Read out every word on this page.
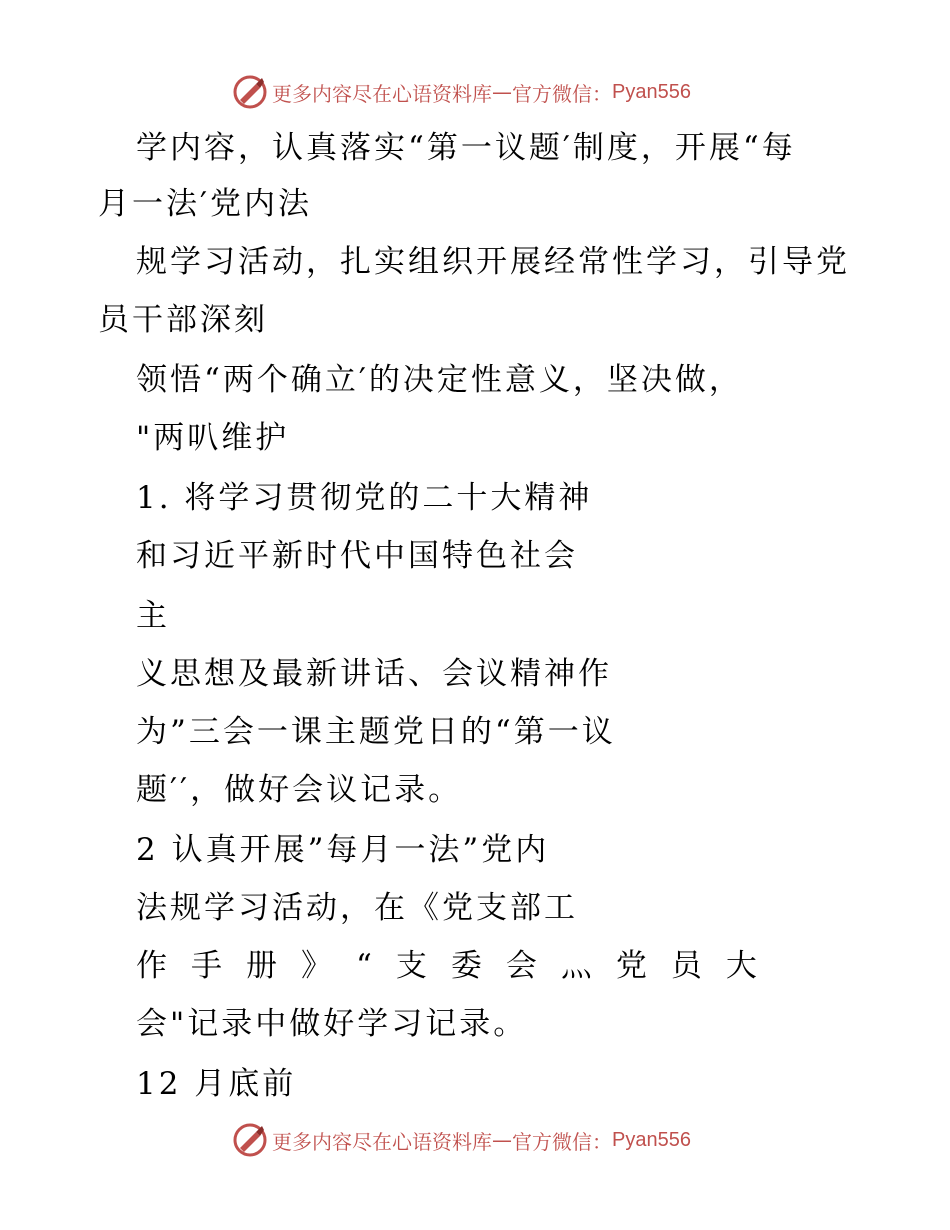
更多内容尽在心语资料库 — 官方微信： Pyan556
学内容，认真落实“第一议题′制度，开展“每
月一法′党内法
规学习活动，扎实组织开展经常性学习，引导党
员干部深刻
领悟“两个确立′的决定性意义，坚决做，
"两叭维护
1. 将学习贯彻党的二十大精神
和习近平新时代中国特色社会
主
义思想及最新讲话、会议精神作
为”三会一课主题党日的“第一议
题′′，做好会议记录。
2 认真开展”每月一法”党内
法规学习活动，在《党支部工
作手册》“支委会灬党员大
会"记录中做好学习记录。
12 月底前
更多内容尽在心语资料库 — 官方微信： Pyan556
